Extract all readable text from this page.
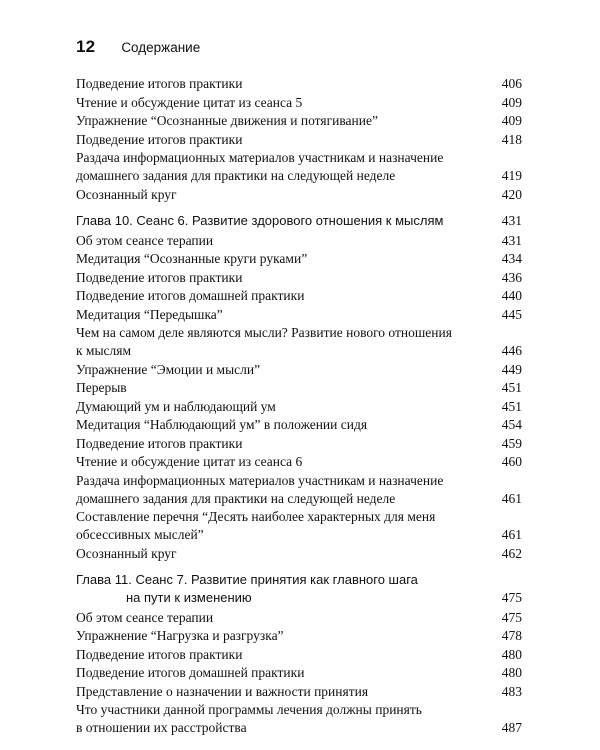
12 Содержание
Подведение итогов практики	406
Чтение и обсуждение цитат из сеанса 5	409
Упражнение “Осознанные движения и потягивание”	409
Подведение итогов практики	418
Раздача информационных материалов участникам и назначение
домашнего задания для практики на следующей неделе	419
Осознанный круг	420
Глава 10. Сеанс 6. Развитие здорового отношения к мыслям	431
Об этом сеансе терапии	431
Медитация “Осознанные круги руками”	434
Подведение итогов практики	436
Подведение итогов домашней практики	440
Медитация “Передышка”	445
Чем на самом деле являются мысли? Развитие нового отношения
к мыслям	446
Упражнение “Эмоции и мысли”	449
Перерыв	451
Думающий ум и наблюдающий ум	451
Медитация “Наблюдающий ум” в положении сидя	454
Подведение итогов практики	459
Чтение и обсуждение цитат из сеанса 6	460
Раздача информационных материалов участникам и назначение
домашнего задания для практики на следующей неделе	461
Составление перечня “Десять наиболее характерных для меня
обсессивных мыслей”	461
Осознанный круг	462
Глава 11. Сеанс 7. Развитие принятия как главного шага
на пути к изменению	475
Об этом сеансе терапии	475
Упражнение “Нагрузка и разгрузка”	478
Подведение итогов практики	480
Подведение итогов домашней практики	480
Представление о назначении и важности принятия	483
Что участники данной программы лечения должны принять
в отношении их расстройства	487
